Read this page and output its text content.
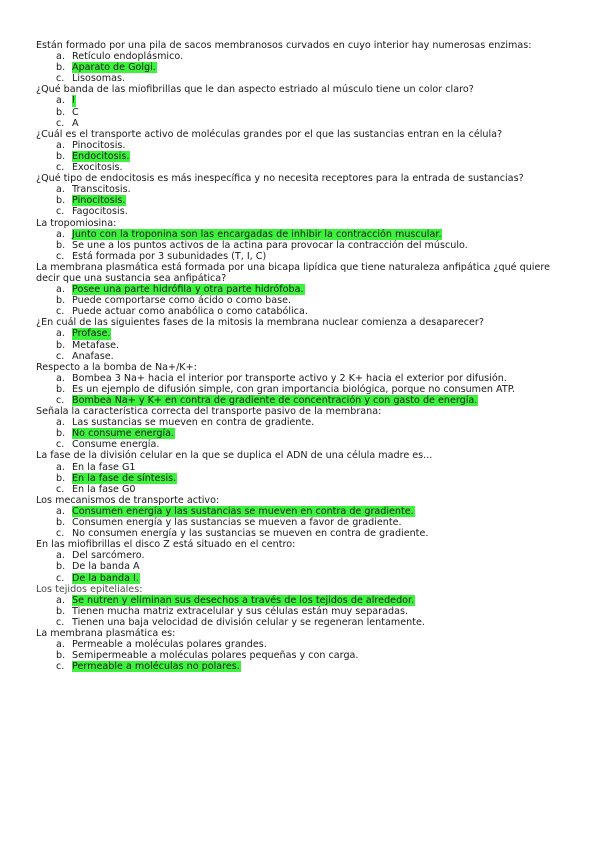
Están formado por una pila de sacos membranosos curvados en cuyo interior hay numerosas enzimas:
a. Retículo endoplásmico.
b. Aparato de Golgi.
c. Lisosomas.
¿Qué banda de las miofibrillas que le dan aspecto estriado al músculo tiene un color claro?
a. I
b. C
c. A
¿Cuál es el transporte activo de moléculas grandes por el que las sustancias entran en la célula?
a. Pinocitosis.
b. Endocitosis.
c. Exocitosis.
¿Qué tipo de endocitosis es más inespecífica y no necesita receptores para la entrada de sustancias?
a. Transcitosis.
b. Pinocitosis.
c. Fagocitosis.
La tropomiosina:
a. Junto con la troponina son las encargadas de inhibir la contracción muscular.
b. Se une a los puntos activos de la actina para provocar la contracción del músculo.
c. Está formada por 3 subunidades (T, I, C)
La membrana plasmática está formada por una bicapa lipídica que tiene naturaleza anfipática ¿qué quiere decir que una sustancia sea anfipática?
a. Posee una parte hidrófila y otra parte hidrófoba.
b. Puede comportarse como ácido o como base.
c. Puede actuar como anabólica o como catabólica.
¿En cuál de las siguientes fases de la mitosis la membrana nuclear comienza a desaparecer?
a. Profase.
b. Metafase.
c. Anafase.
Respecto a la bomba de Na+/K+:
a. Bombea 3 Na+ hacia el interior por transporte activo y 2 K+ hacia el exterior por difusión.
b. Es un ejemplo de difusión simple, con gran importancia biológica, porque no consumen ATP.
c. Bombea Na+ y K+ en contra de gradiente de concentración y con gasto de energía.
Señala la característica correcta del transporte pasivo de la membrana:
a. Las sustancias se mueven en contra de gradiente.
b. No consume energía.
c. Consume energía.
La fase de la división celular en la que se duplica el ADN de una célula madre es...
a. En la fase G1
b. En la fase de síntesis.
c. En la fase G0
Los mecanismos de transporte activo:
a. Consumen energía y las sustancias se mueven en contra de gradiente.
b. Consumen energía y las sustancias se mueven a favor de gradiente.
c. No consumen energía y las sustancias se mueven en contra de gradiente.
En las miofibrillas el disco Z está situado en el centro:
a. Del sarcómero.
b. De la banda A
c. De la banda I.
Los tejidos epiteliales:
a. Se nutren y eliminan sus desechos a través de los tejidos de alrededor.
b. Tienen mucha matriz extracelular y sus células están muy separadas.
c. Tienen una baja velocidad de división celular y se regeneran lentamente.
La membrana plasmática es:
a. Permeable a moléculas polares grandes.
b. Semipermeable a moléculas polares pequeñas y con carga.
c. Permeable a moléculas no polares.
